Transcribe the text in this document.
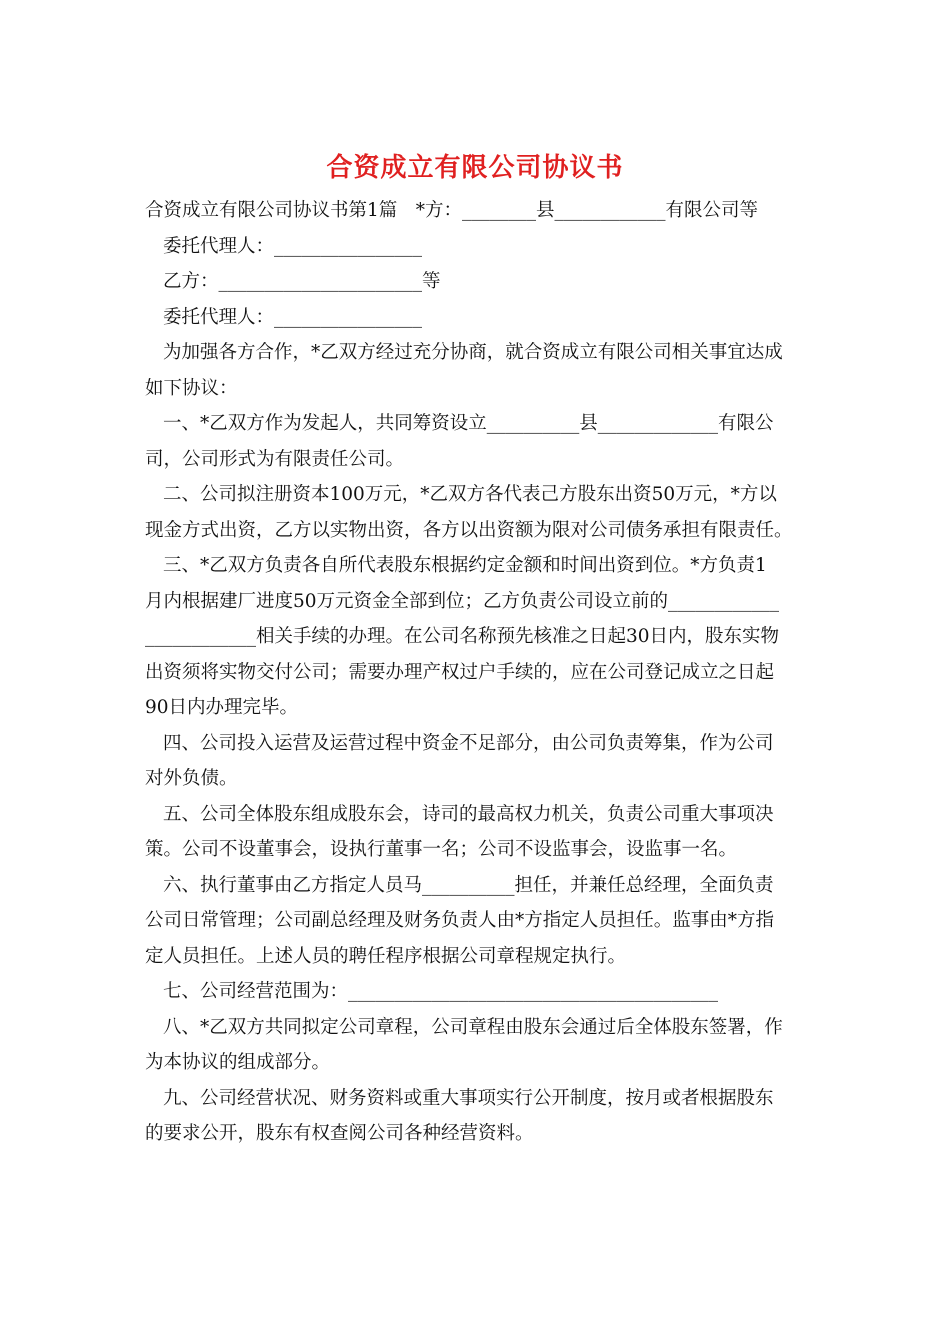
合资成立有限公司协议书
合资成立有限公司协议书第1篇　*方：________县____________有限公司等
委托代理人：________________
乙方：______________________等
委托代理人：________________
为加强各方合作，*乙双方经过充分协商，就合资成立有限公司相关事宜达成
如下协议：
一、*乙双方作为发起人，共同筹资设立__________县_____________有限公
司，公司形式为有限责任公司。
二、公司拟注册资本100万元，*乙双方各代表己方股东出资50万元，*方以
现金方式出资，乙方以实物出资，各方以出资额为限对公司债务承担有限责任。
三、*乙双方负责各自所代表股东根据约定金额和时间出资到位。*方负责1
月内根据建厂进度50万元资金全部到位；乙方负责公司设立前的____________
____________相关手续的办理。在公司名称预先核准之日起30日内，股东实物
出资须将实物交付公司；需要办理产权过户手续的，应在公司登记成立之日起
90日内办理完毕。
四、公司投入运营及运营过程中资金不足部分，由公司负责筹集，作为公司
对外负债。
五、公司全体股东组成股东会，诗司的最高权力机关，负责公司重大事项决
策。公司不设董事会，设执行董事一名；公司不设监事会，设监事一名。
六、执行董事由乙方指定人员马__________担任，并兼任总经理，全面负责
公司日常管理；公司副总经理及财务负责人由*方指定人员担任。监事由*方指
定人员担任。上述人员的聘任程序根据公司章程规定执行。
七、公司经营范围为：________________________________________
八、*乙双方共同拟定公司章程，公司章程由股东会通过后全体股东签署，作
为本协议的组成部分。
九、公司经营状况、财务资料或重大事项实行公开制度，按月或者根据股东
的要求公开，股东有权查阅公司各种经营资料。
